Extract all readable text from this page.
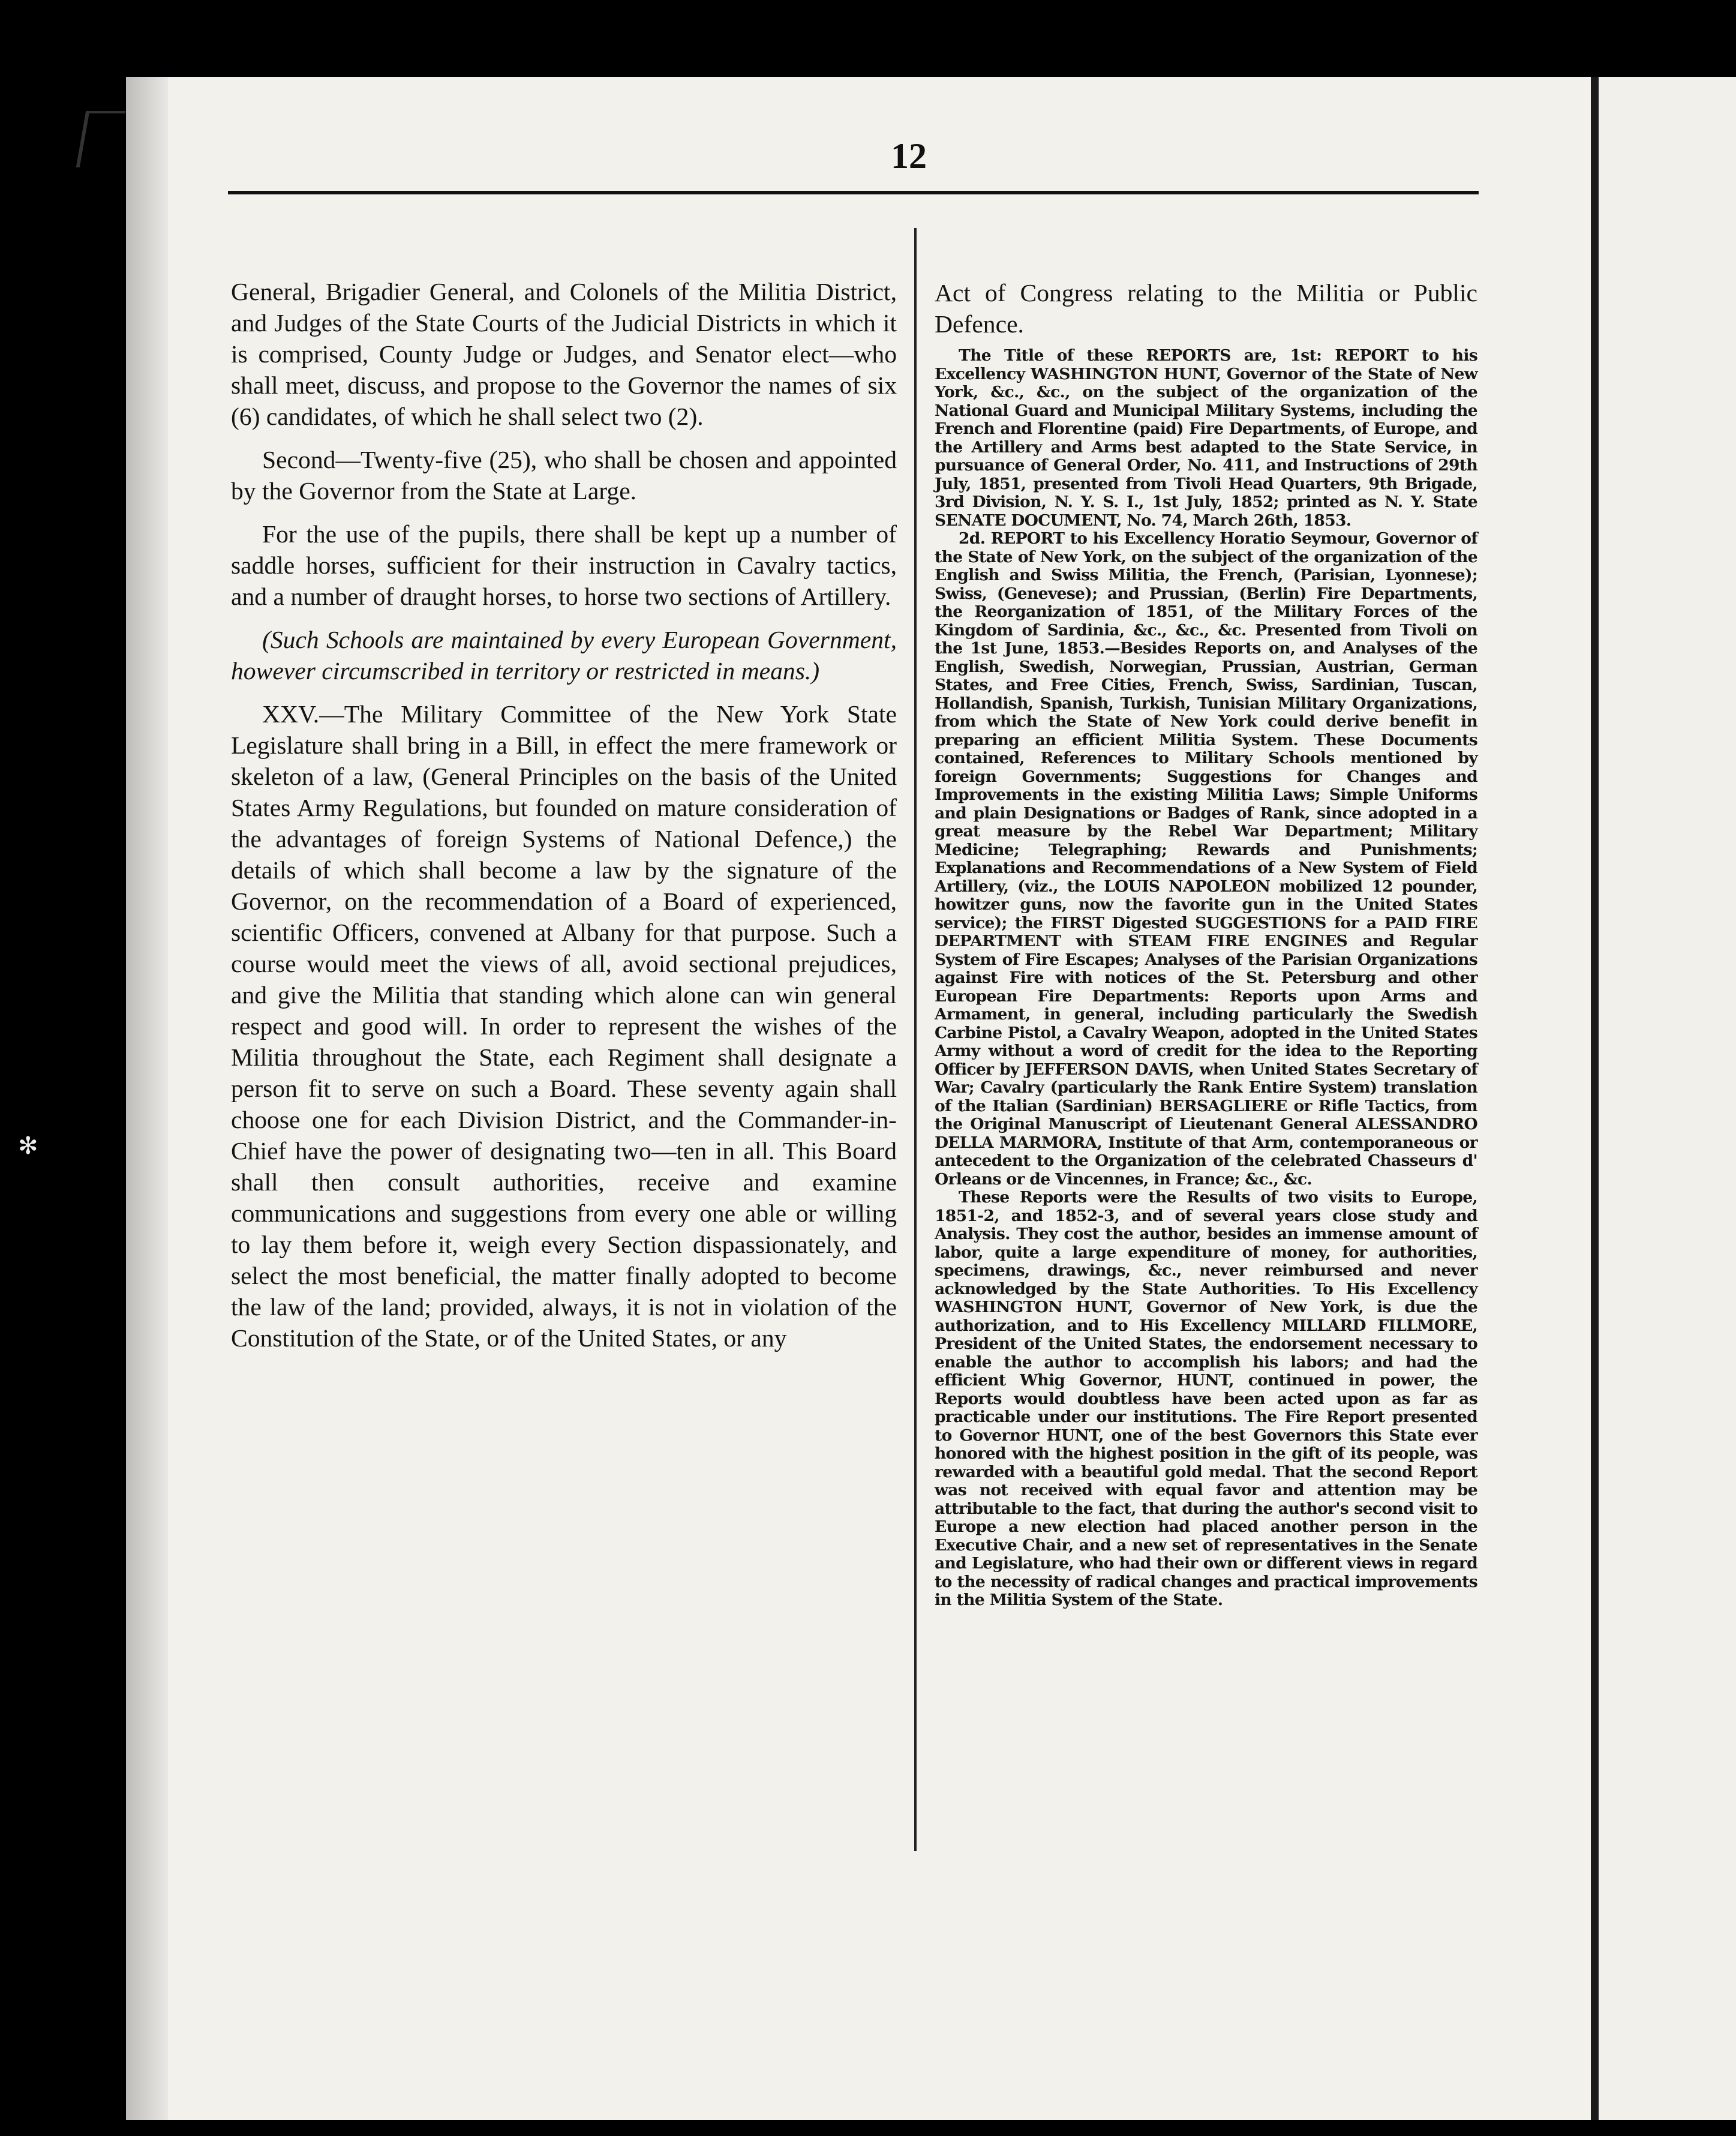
✻
12

General, Brigadier General, and Colonels of the Militia District, and Judges of the State Courts of the Judicial Districts in which it is comprised, County Judge or Judges, and Senator elect—who shall meet, discuss, and propose to the Governor the names of six (6) candidates, of which he shall select two (2).

Second—Twenty-five (25), who shall be chosen and appointed by the Governor from the State at Large.

For the use of the pupils, there shall be kept up a number of saddle horses, sufficient for their instruction in Cavalry tactics, and a number of draught horses, to horse two sections of Artillery.

(Such Schools are maintained by every European Government, however circumscribed in territory or restricted in means.)

XXV.—The Military Committee of the New York State Legislature shall bring in a Bill, in effect the mere framework or skeleton of a law, (General Principles on the basis of the United States Army Regulations, but founded on mature consideration of the advantages of foreign Systems of National Defence,) the details of which shall become a law by the signature of the Governor, on the recommendation of a Board of experienced, scientific Officers, convened at Albany for that purpose. Such a course would meet the views of all, avoid sectional prejudices, and give the Militia that standing which alone can win general respect and good will. In order to represent the wishes of the Militia throughout the State, each Regiment shall designate a person fit to serve on such a Board. These seventy again shall choose one for each Division District, and the Commander-in-Chief have the power of designating two—ten in all. This Board shall then consult authorities, receive and examine communications and suggestions from every one able or willing to lay them before it, weigh every Section dispassionately, and select the most beneficial, the matter finally adopted to become the law of the land; provided, always, it is not in violation of the Constitution of the State, or of the United States, or any

Act of Congress relating to the Militia or Public Defence.

The Title of these REPORTS are, 1st: REPORT to his Excellency WASHINGTON HUNT, Governor of the State of New York, &c., &c., on the subject of the organization of the National Guard and Municipal Military Systems, including the French and Florentine (paid) Fire Departments, of Europe, and the Artillery and Arms best adapted to the State Service, in pursuance of General Order, No. 411, and Instructions of 29th July, 1851, presented from Tivoli Head Quarters, 9th Brigade, 3rd Division, N. Y. S. I., 1st July, 1852; printed as N. Y. State SENATE DOCUMENT, No. 74, March 26th, 1853.

2d. REPORT to his Excellency Horatio Seymour, Governor of the State of New York, on the subject of the organization of the English and Swiss Militia, the French, (Parisian, Lyonnese); Swiss, (Genevese); and Prussian, (Berlin) Fire Departments, the Reorganization of 1851, of the Military Forces of the Kingdom of Sardinia, &c., &c., &c. Presented from Tivoli on the 1st June, 1853.—Besides Reports on, and Analyses of the English, Swedish, Norwegian, Prussian, Austrian, German States, and Free Cities, French, Swiss, Sardinian, Tuscan, Hollandish, Spanish, Turkish, Tunisian Military Organizations, from which the State of New York could derive benefit in preparing an efficient Militia System. These Documents contained, References to Military Schools mentioned by foreign Governments; Suggestions for Changes and Improvements in the existing Militia Laws; Simple Uniforms and plain Designations or Badges of Rank, since adopted in a great measure by the Rebel War Department; Military Medicine; Telegraphing; Rewards and Punishments; Explanations and Recommendations of a New System of Field Artillery, (viz., the LOUIS NAPOLEON mobilized 12 pounder, howitzer guns, now the favorite gun in the United States service); the FIRST Digested SUGGESTIONS for a PAID FIRE DEPARTMENT with STEAM FIRE ENGINES and Regular System of Fire Escapes; Analyses of the Parisian Organizations against Fire with notices of the St. Petersburg and other European Fire Departments: Reports upon Arms and Armament, in general, including particularly the Swedish Carbine Pistol, a Cavalry Weapon, adopted in the United States Army without a word of credit for the idea to the Reporting Officer by JEFFERSON DAVIS, when United States Secretary of War; Cavalry (particularly the Rank Entire System) translation of the Italian (Sardinian) BERSAGLIERE or Rifle Tactics, from the Original Manuscript of Lieutenant General ALESSANDRO DELLA MARMORA, Institute of that Arm, contemporaneous or antecedent to the Organization of the celebrated Chasseurs d' Orleans or de Vincennes, in France; &c., &c.

These Reports were the Results of two visits to Europe, 1851-2, and 1852-3, and of several years close study and Analysis. They cost the author, besides an immense amount of labor, quite a large expenditure of money, for authorities, specimens, drawings, &c., never reimbursed and never acknowledged by the State Authorities. To His Excellency WASHINGTON HUNT, Governor of New York, is due the authorization, and to His Excellency MILLARD FILLMORE, President of the United States, the endorsement necessary to enable the author to accomplish his labors; and had the efficient Whig Governor, HUNT, continued in power, the Reports would doubtless have been acted upon as far as practicable under our institutions. The Fire Report presented to Governor HUNT, one of the best Governors this State ever honored with the highest position in the gift of its people, was rewarded with a beautiful gold medal. That the second Report was not received with equal favor and attention may be attributable to the fact, that during the author's second visit to Europe a new election had placed another person in the Executive Chair, and a new set of representatives in the Senate and Legislature, who had their own or different views in regard to the necessity of radical changes and practical improvements in the Militia System of the State.
